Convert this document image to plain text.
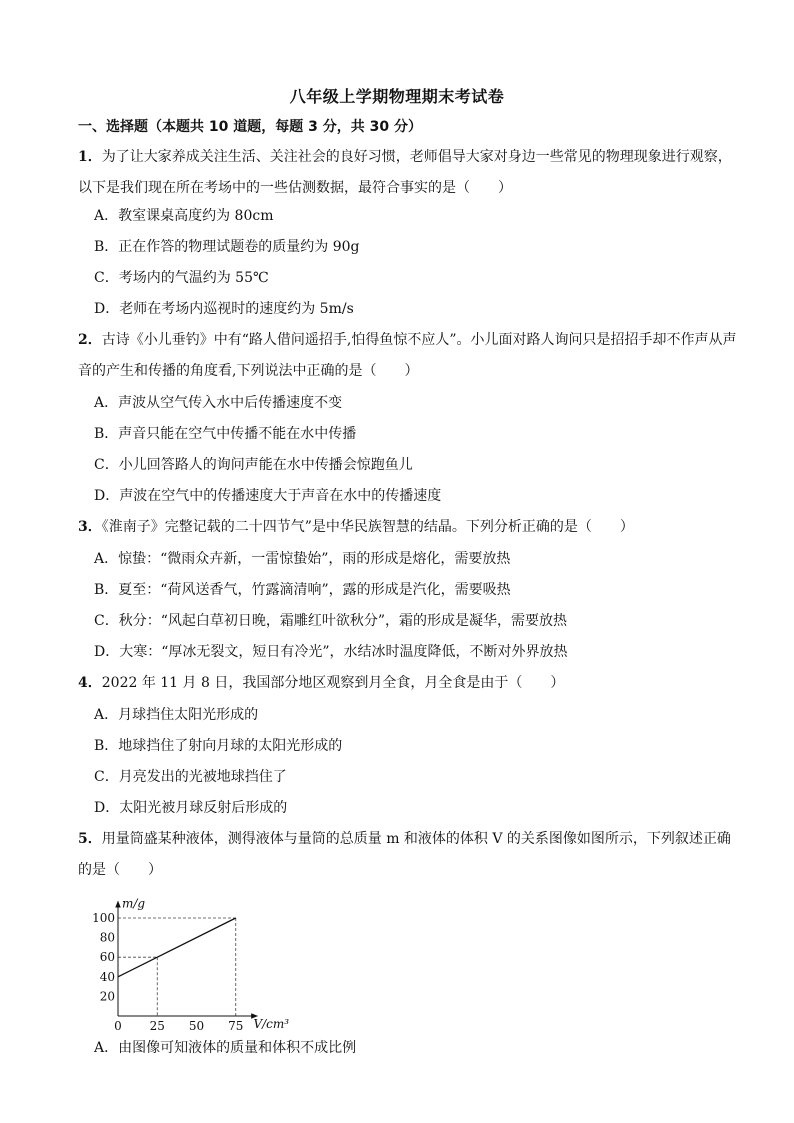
八年级上学期物理期末考试卷
一、选择题（本题共 10 道题，每题 3 分，共 30 分）
1．为了让大家养成关注生活、关注社会的良好习惯，老师倡导大家对身边一些常见的物理现象进行观察，以下是我们现在所在考场中的一些估测数据，最符合事实的是（　　）
A．教室课桌高度约为 80cm
B．正在作答的物理试题卷的质量约为 90g
C．考场内的气温约为 55℃
D．老师在考场内巡视时的速度约为 5m/s
2．古诗《小儿垂钓》中有“路人借问遥招手,怕得鱼惊不应人”。小儿面对路人询问只是招招手却不作声从声音的产生和传播的角度看,下列说法中正确的是（　　）
A．声波从空气传入水中后传播速度不变
B．声音只能在空气中传播不能在水中传播
C．小儿回答路人的询问声能在水中传播会惊跑鱼儿
D．声波在空气中的传播速度大于声音在水中的传播速度
3．《淮南子》完整记载的二十四节气”是中华民族智慧的结晶。下列分析正确的是（　　）
A．惊蛰：“微雨众卉新，一雷惊蛰始”，雨的形成是熔化，需要放热
B．夏至：“荷风送香气，竹露滴清响”，露的形成是汽化，需要吸热
C．秋分：“风起白草初日晚，霜雕红叶欲秋分”，霜的形成是凝华，需要放热
D．大寒：“厚冰无裂文，短日有冷光”，水结冰时温度降低，不断对外界放热
4．2022 年 11 月 8 日，我国部分地区观察到月全食，月全食是由于（　　）
A．月球挡住太阳光形成的
B．地球挡住了射向月球的太阳光形成的
C．月亮发出的光被地球挡住了
D．太阳光被月球反射后形成的
5．用量筒盛某种液体，测得液体与量筒的总质量 m 和液体的体积 V 的关系图像如图所示，下列叙述正确的是（　　）
20
40
60
80
100
0 25 50 75
m/g
V/cm³
A．由图像可知液体的质量和体积不成比例
